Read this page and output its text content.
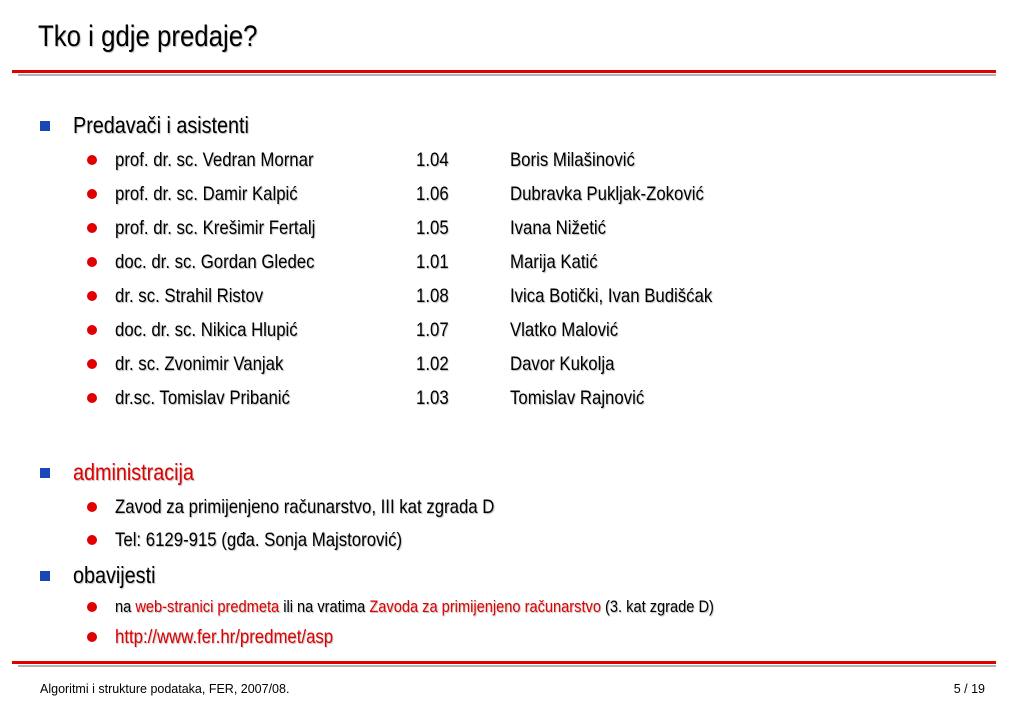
Tko i gdje predaje?
Predavači i asistenti
prof. dr. sc. Vedran Mornar	1.04	Boris Milašinović
prof. dr. sc. Damir Kalpić	1.06	Dubravka Pukljak-Zoković
prof. dr. sc. Krešimir Fertalj	1.05	Ivana Nižetić
doc. dr. sc. Gordan Gledec	1.01	Marija Katić
dr. sc. Strahil Ristov	1.08	Ivica Botički, Ivan Budišćak
doc. dr. sc. Nikica Hlupić	1.07	Vlatko Malović
dr. sc. Zvonimir Vanjak	1.02	Davor Kukolja
dr.sc. Tomislav Pribanić	1.03	Tomislav Rajnović
administracija
Zavod za primijenjeno računarstvo, III kat zgrada D
Tel: 6129-915 (gđa. Sonja Majstorović)
obavijesti
na web-stranici predmeta ili na vratima Zavoda za primijenjeno računarstvo (3. kat zgrade D)
http://www.fer.hr/predmet/asp
Algoritmi i strukture podataka, FER, 2007/08.	5 / 19
